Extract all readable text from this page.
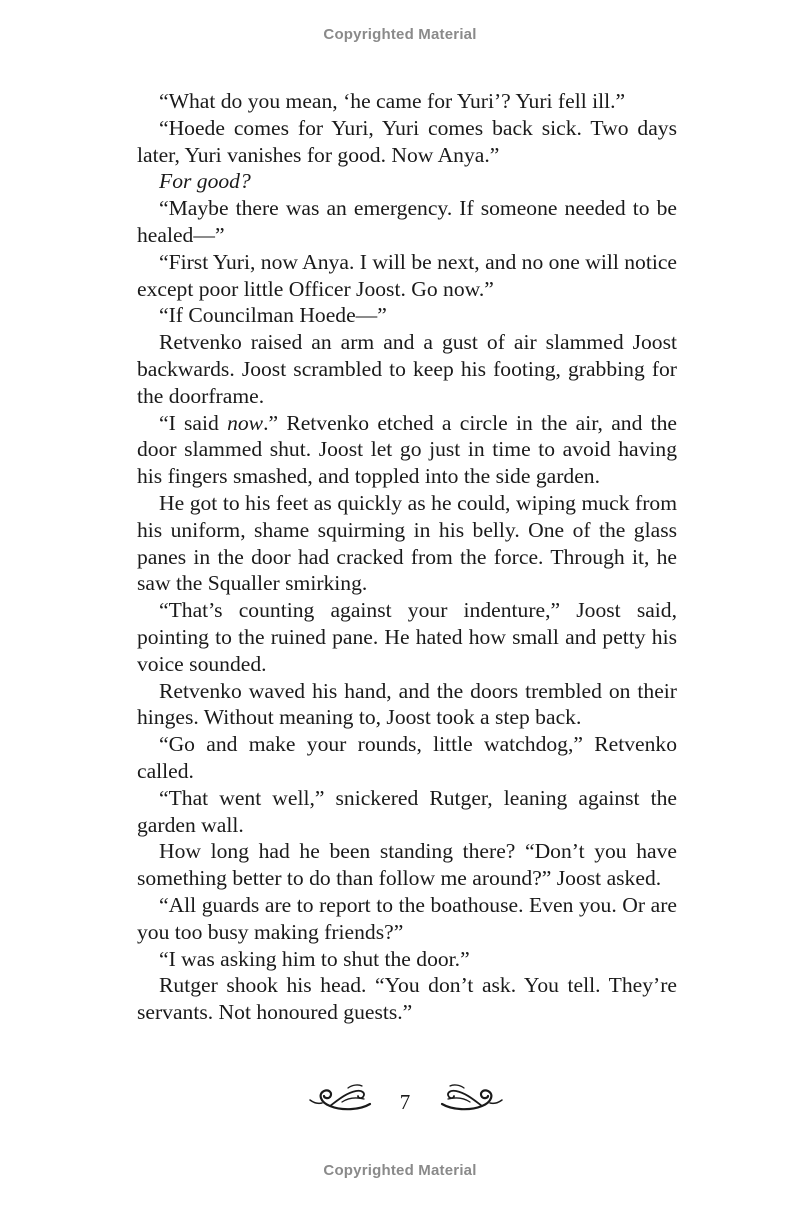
Copyrighted Material

“What do you mean, ‘he came for Yuri’? Yuri fell ill.”

“Hoede comes for Yuri, Yuri comes back sick. Two days later, Yuri vanishes for good. Now Anya.”

For good?

“Maybe there was an emergency. If someone needed to be healed—”

“First Yuri, now Anya. I will be next, and no one will notice except poor little Officer Joost. Go now.”

“If Councilman Hoede—”

Retvenko raised an arm and a gust of air slammed Joost backwards. Joost scrambled to keep his footing, grabbing for the doorframe.

“I said now.” Retvenko etched a circle in the air, and the door slammed shut. Joost let go just in time to avoid having his fingers smashed, and toppled into the side garden.

He got to his feet as quickly as he could, wiping muck from his uniform, shame squirming in his belly. One of the glass panes in the door had cracked from the force. Through it, he saw the Squaller smirking.

“That’s counting against your indenture,” Joost said, pointing to the ruined pane. He hated how small and petty his voice sounded.

Retvenko waved his hand, and the doors trembled on their hinges. Without meaning to, Joost took a step back.

“Go and make your rounds, little watchdog,” Retvenko called.

“That went well,” snickered Rutger, leaning against the garden wall.

How long had he been standing there? “Don’t you have something better to do than follow me around?” Joost asked.

“All guards are to report to the boathouse. Even you. Or are you too busy making friends?”

“I was asking him to shut the door.”

Rutger shook his head. “You don’t ask. You tell. They’re servants. Not honoured guests.”

7
Copyrighted Material
